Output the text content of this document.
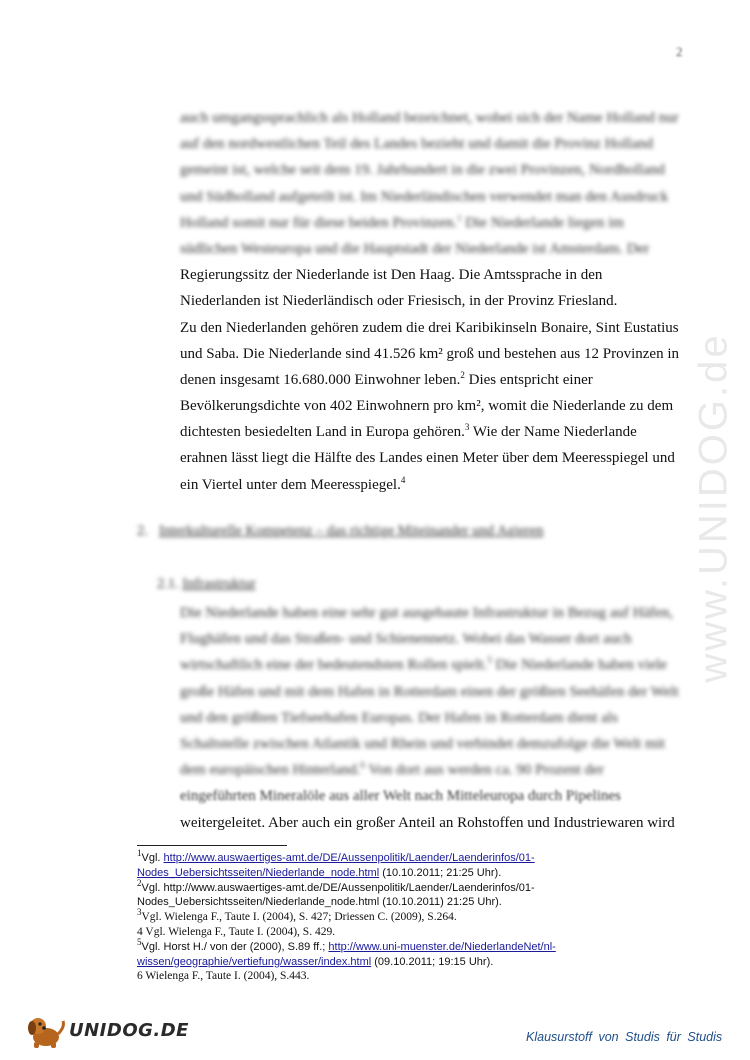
2
www.UNIDOG.de
auch umgangssprachlich als Holland bezeichnet, wobei sich der Name Holland nur
auf den nordwestlichen Teil des Landes bezieht und damit die Provinz Holland
gemeint ist, welche seit dem 19. Jahrhundert in die zwei Provinzen, Nordholland
und Südholland aufgeteilt ist. Im Niederländischen verwendet man den Ausdruck
Holland somit nur für diese beiden Provinzen.$^1$ Die Niederlande liegen im
südlichen Westeuropa und die Hauptstadt der Niederlande ist Amsterdam. Der
Regierungssitz der Niederlande ist Den Haag. Die Amtssprache in den
Niederlanden ist Niederländisch oder Friesisch, in der Provinz Friesland.
Zu den Niederlanden gehören zudem die drei Karibikinseln Bonaire, Sint Eustatius
und Saba. Die Niederlande sind 41.526 km² groß und bestehen aus 12 Provinzen in
denen insgesamt 16.680.000 Einwohner leben.$^2$ Dies entspricht einer
Bevölkerungsdichte von 402 Einwohnern pro km², womit die Niederlande zu dem
dichtesten besiedelten Land in Europa gehören.$^3$ Wie der Name Niederlande
erahnen lässt liegt die Hälfte des Landes einen Meter über dem Meeresspiegel und
ein Viertel unter dem Meeresspiegel.$^4$
2. Interkulturelle Kompetenz – das richtige Miteinander und Agieren
2.1. Infrastruktur
Die Niederlande haben eine sehr gut ausgebaute Infrastruktur in Bezug auf Häfen,
Flughäfen und das Straßen- und Schienennetz. Wobei das Wasser dort auch
wirtschaftlich eine der bedeutendsten Rollen spielt.$^5$ Die Niederlande haben viele
große Häfen und mit dem Hafen in Rotterdam einen der größten Seehäfen der Welt
und den größten Tiefseehafen Europas. Der Hafen in Rotterdam dient als
Schaltstelle zwischen Atlantik und Rhein und verbindet demzufolge die Welt mit
dem europäischen Hinterland.$^6$ Von dort aus werden ca. 90 Prozent der
eingeführten Mineralöle aus aller Welt nach Mitteleuropa durch Pipelines
weitergeleitet. Aber auch ein großer Anteil an Rohstoffen und Industriewaren wird
$^1$Vgl. http://www.auswaertiges-amt.de/DE/Aussenpolitik/Laender/Laenderinfos/01-
Nodes_Uebersichtsseiten/Niederlande_node.html (10.10.2011; 21:25 Uhr).
$^2$Vgl. http://www.auswaertiges-amt.de/DE/Aussenpolitik/Laender/Laenderinfos/01-
Nodes_Uebersichtsseiten/Niederlande_node.html (10.10.2011) 21:25 Uhr).
$^3$Vgl. Wielenga F., Taute I. (2004), S. 427; Driessen C. (2009), S.264.
4 Vgl. Wielenga F., Taute I. (2004), S. 429.
$^5$Vgl. Horst H./ von der (2000), S.89 ff.; http://www.uni-muenster.de/NiederlandeNet/nl-
wissen/geographie/vertiefung/wasser/index.html (09.10.2011; 19:15 Uhr).
6 Wielenga F., Taute I. (2004), S.443.
UNIDOG.DE	Klausurstoff von Studis für Studis
